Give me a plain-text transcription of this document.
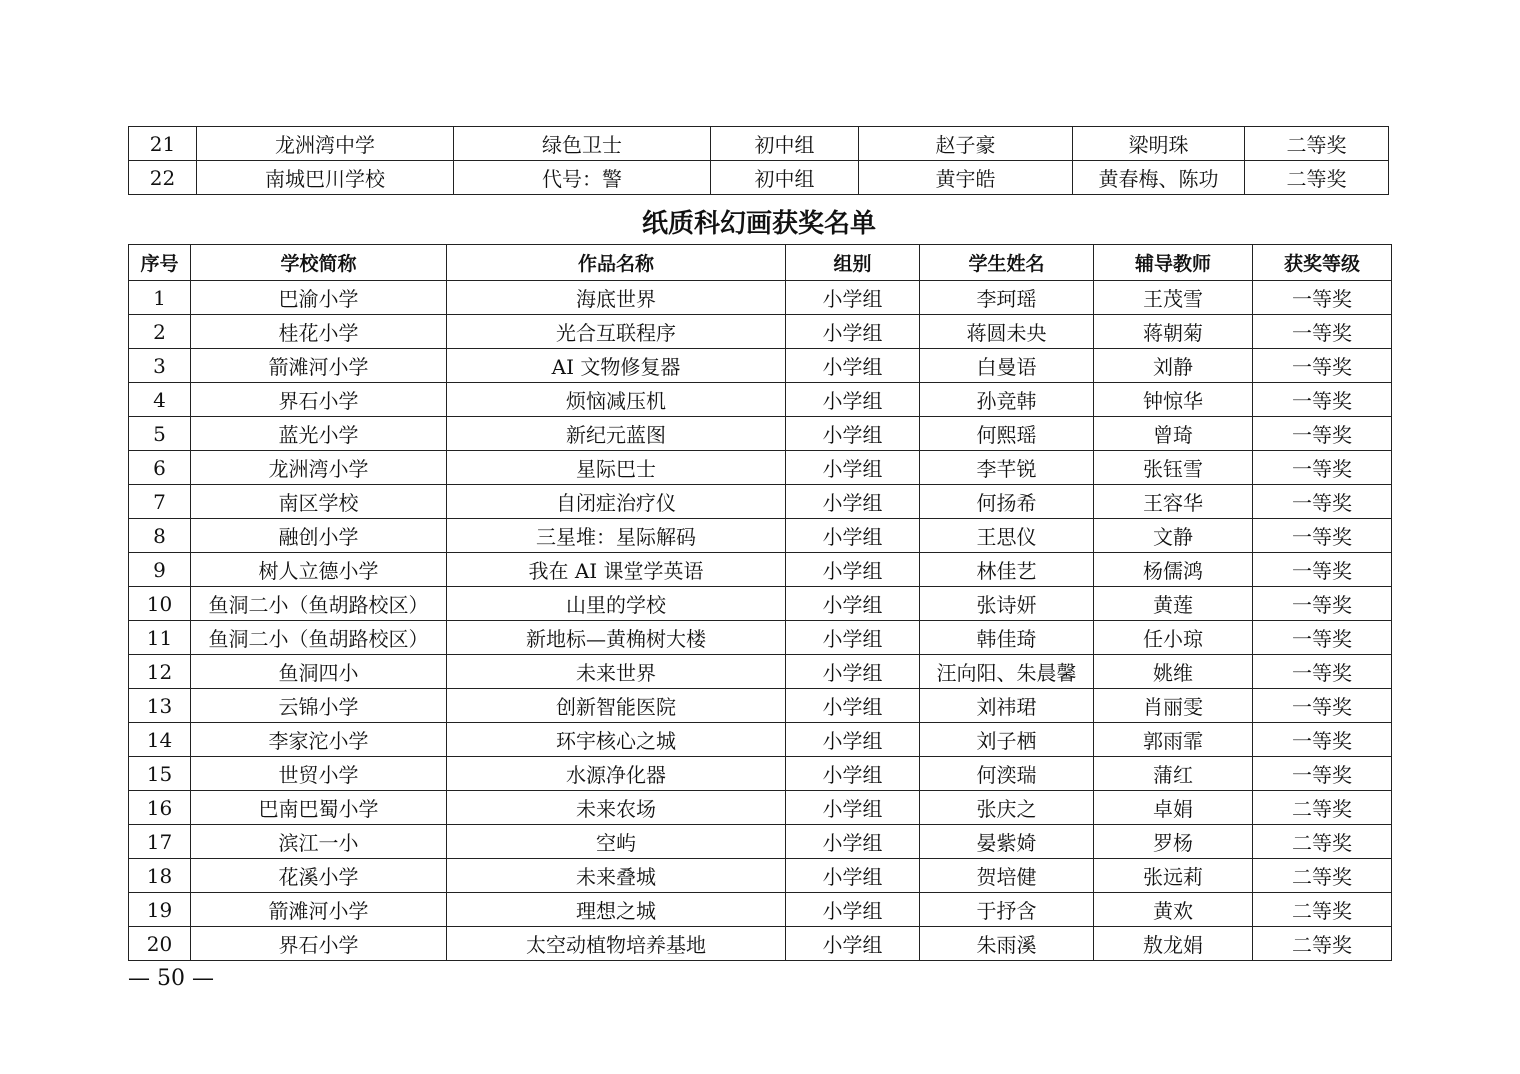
21	龙洲湾中学	绿色卫士	初中组	赵子豪	梁明珠	二等奖
22	南城巴川学校	代号：警	初中组	黄宇皓	黄春梅、陈功	二等奖
纸质科幻画获奖名单
序号	学校简称	作品名称	组别	学生姓名	辅导教师	获奖等级
1	巴渝小学	海底世界	小学组	李珂瑶	王茂雪	一等奖
2	桂花小学	光合互联程序	小学组	蒋圆未央	蒋朝菊	一等奖
3	箭滩河小学	AI 文物修复器	小学组	白曼语	刘静	一等奖
4	界石小学	烦恼减压机	小学组	孙竞韩	钟惊华	一等奖
5	蓝光小学	新纪元蓝图	小学组	何熙瑶	曾琦	一等奖
6	龙洲湾小学	星际巴士	小学组	李芊锐	张钰雪	一等奖
7	南区学校	自闭症治疗仪	小学组	何扬希	王容华	一等奖
8	融创小学	三星堆：星际解码	小学组	王思仪	文静	一等奖
9	树人立德小学	我在 AI 课堂学英语	小学组	林佳艺	杨儒鸿	一等奖
10	鱼洞二小（鱼胡路校区）	山里的学校	小学组	张诗妍	黄莲	一等奖
11	鱼洞二小（鱼胡路校区）	新地标—黄桷树大楼	小学组	韩佳琦	任小琼	一等奖
12	鱼洞四小	未来世界	小学组	汪向阳、朱晨馨	姚维	一等奖
13	云锦小学	创新智能医院	小学组	刘祎珺	肖丽雯	一等奖
14	李家沱小学	环宇核心之城	小学组	刘子栖	郭雨霏	一等奖
15	世贸小学	水源净化器	小学组	何湙瑞	蒲红	一等奖
16	巴南巴蜀小学	未来农场	小学组	张庆之	卓娟	二等奖
17	滨江一小	空屿	小学组	晏紫婍	罗杨	二等奖
18	花溪小学	未来叠城	小学组	贺培健	张远莉	二等奖
19	箭滩河小学	理想之城	小学组	于抒含	黄欢	二等奖
20	界石小学	太空动植物培养基地	小学组	朱雨溪	敖龙娟	二等奖
— 50 —
